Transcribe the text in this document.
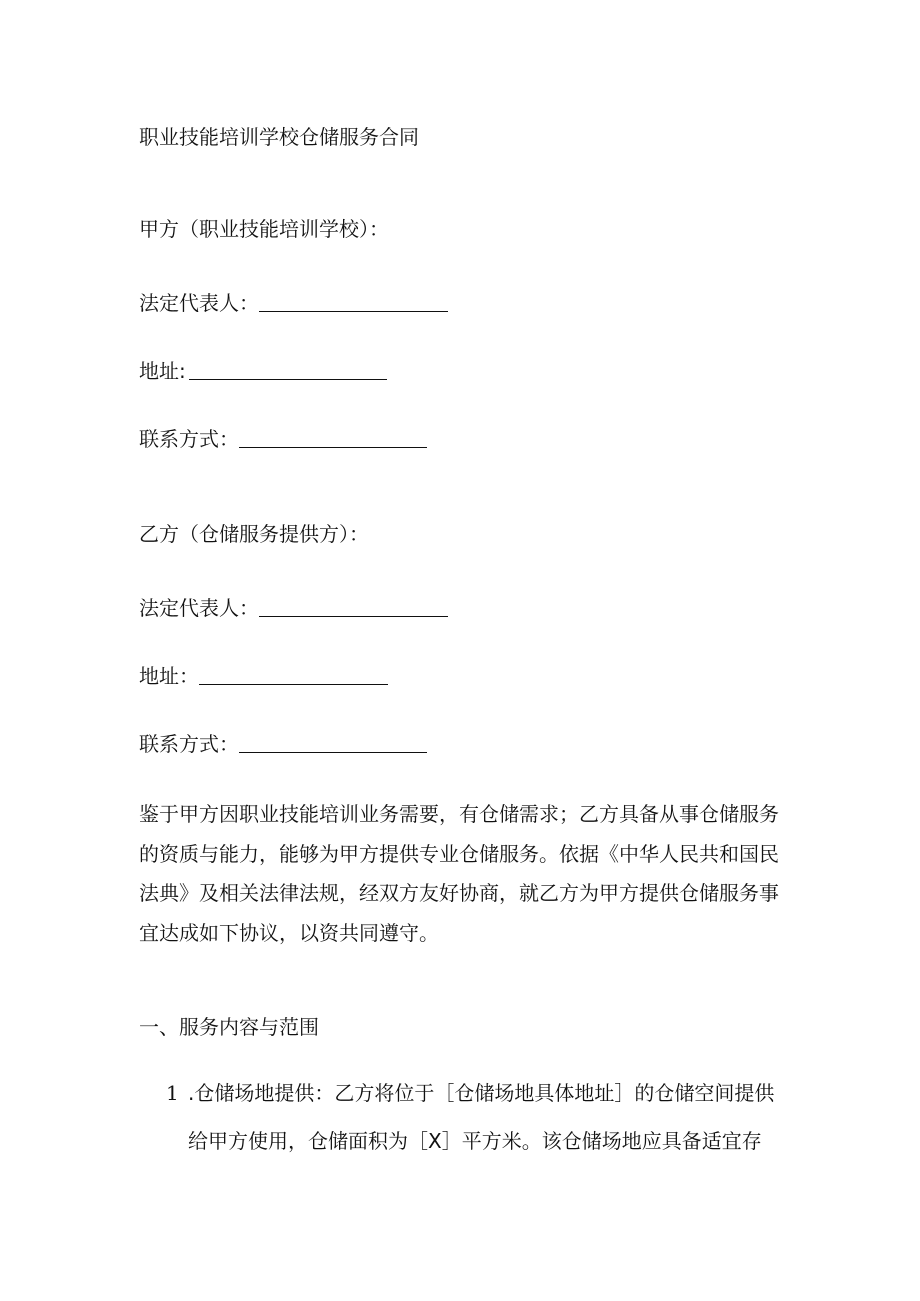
职业技能培训学校仓储服务合同
甲方（职业技能培训学校）：
法定代表人：
地址:
联系方式：
乙方（仓储服务提供方）：
法定代表人：
地址：
联系方式：
鉴于甲方因职业技能培训业务需要，有仓储需求；乙方具备从事仓储服务
的资质与能力，能够为甲方提供专业仓储服务。依据《中华人民共和国民
法典》及相关法律法规，经双方友好协商，就乙方为甲方提供仓储服务事
宜达成如下协议，以资共同遵守。
一、服务内容与范围
1 .仓储场地提供：乙方将位于［仓储场地具体地址］的仓储空间提供
给甲方使用，仓储面积为［X］平方米。该仓储场地应具备适宜存
